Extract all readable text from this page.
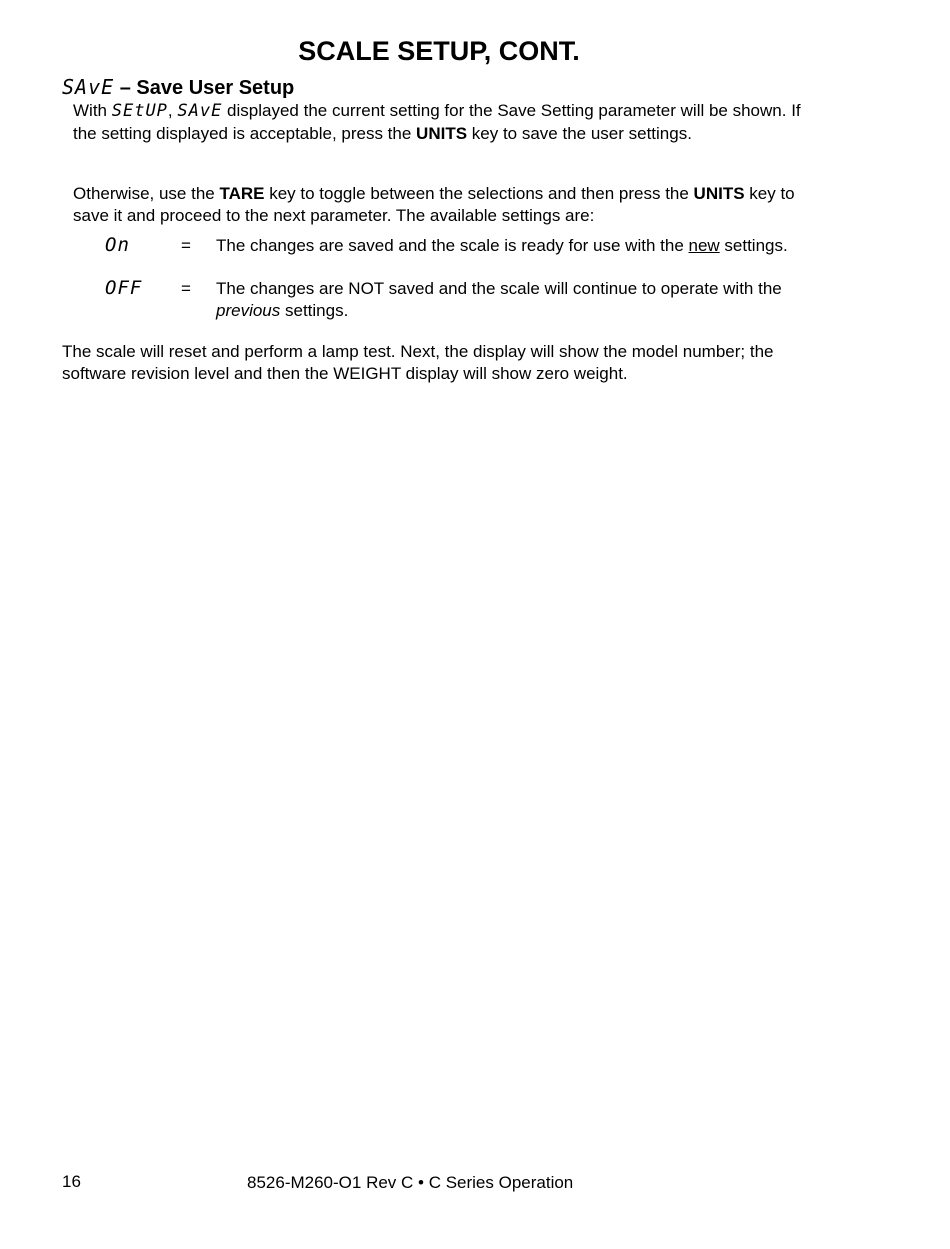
SCALE SETUP, CONT.
SAvE – Save User Setup

With SEtUP, SAvE displayed the current setting for the Save Setting parameter will be shown. If the setting displayed is acceptable, press the UNITS key to save the user settings.

Otherwise, use the TARE key to toggle between the selections and then press the UNITS key to save it and proceed to the next parameter. The available settings are:

On	=	The changes are saved and the scale is ready for use with the new settings.
OFF	=	The changes are NOT saved and the scale will continue to operate with the previous settings.

The scale will reset and perform a lamp test. Next, the display will show the model number; the software revision level and then the WEIGHT display will show zero weight.

16	8526-M260-O1 Rev C • C Series Operation
